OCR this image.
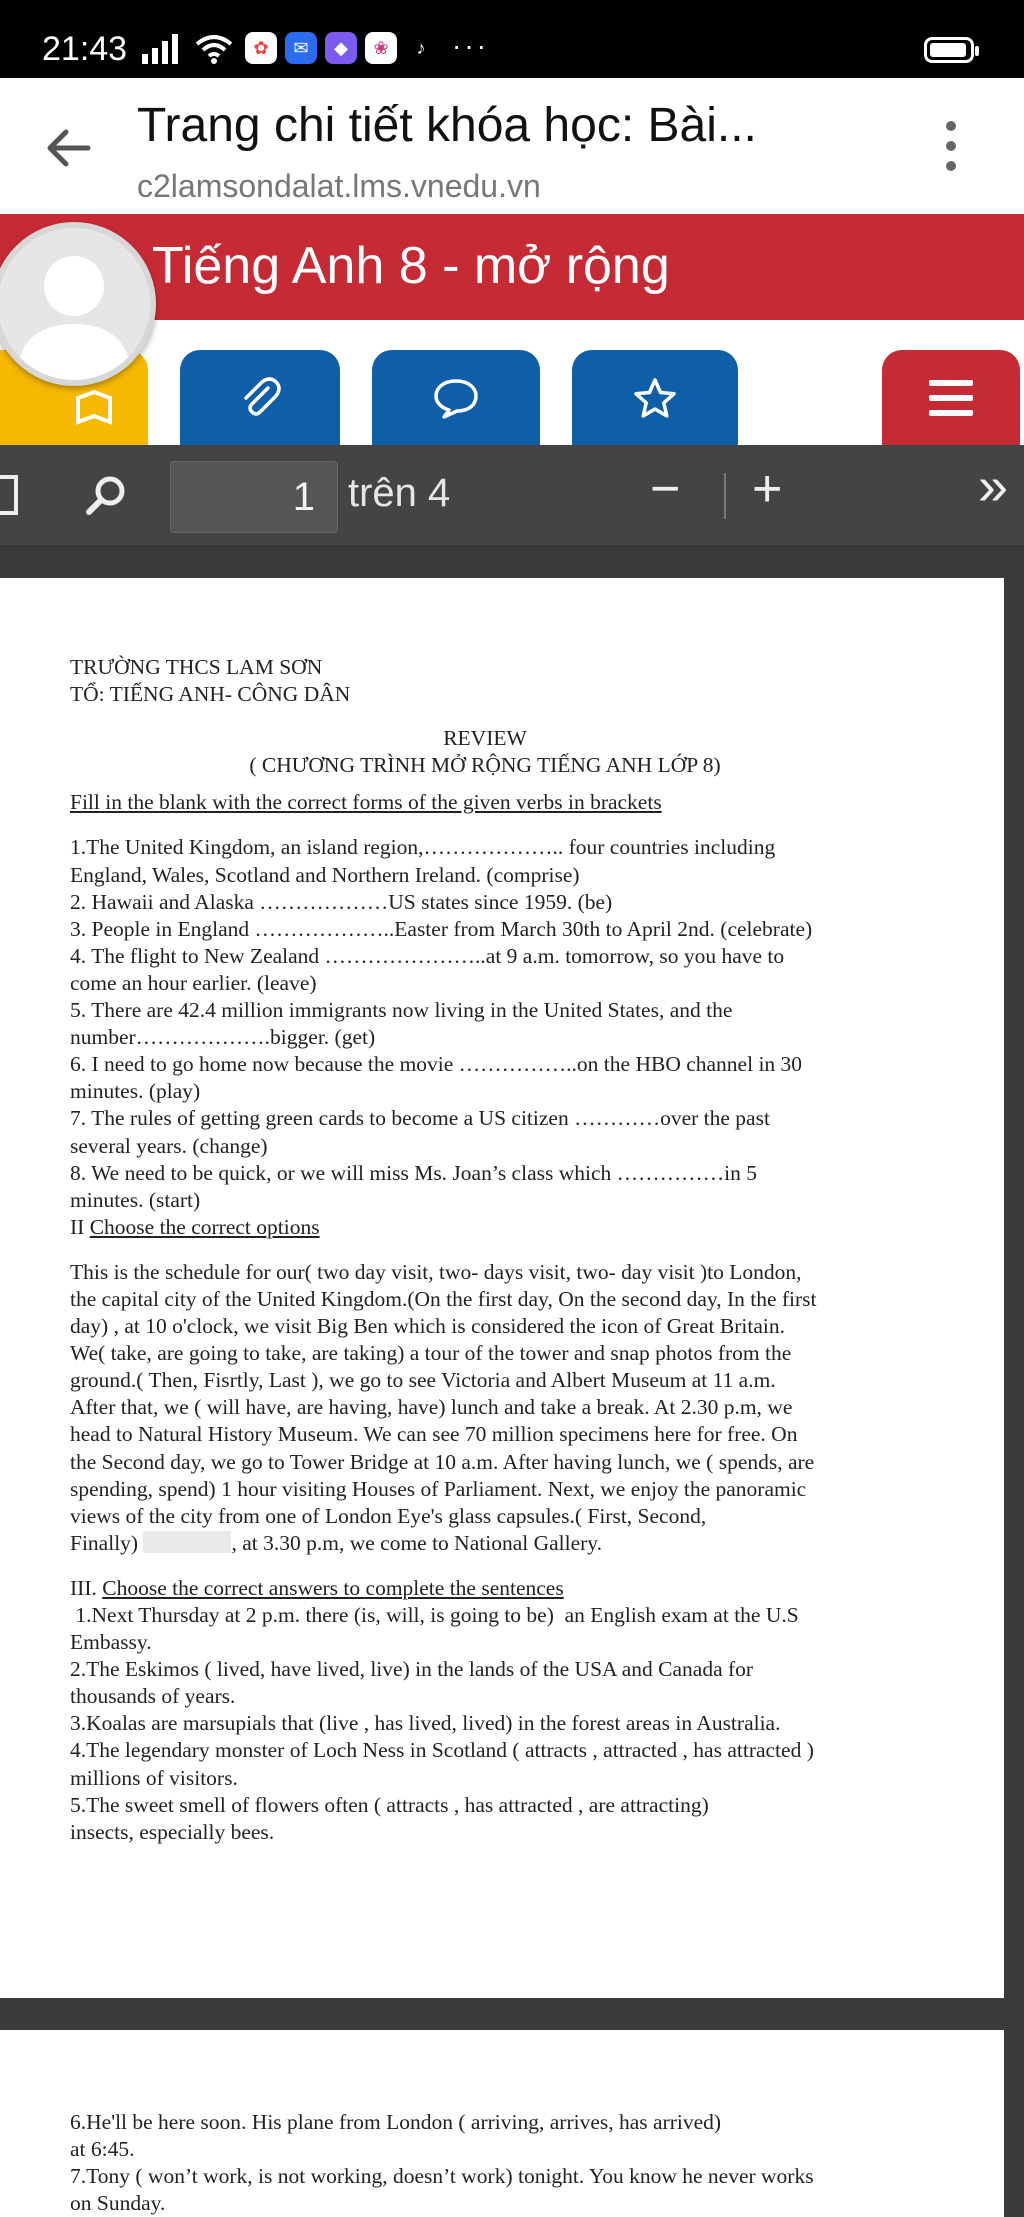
21:43	✿	✉	◆	❀	♪ ···
Trang chi tiết khóa học: Bài...
c2lamsondalat.lms.vnedu.vn
Tiếng Anh 8 - mở rộng
1
trên 4	− +	»
TRƯỜNG THCS LAM SƠN
TỔ: TIẾNG ANH- CÔNG DÂN
REVIEW
( CHƯƠNG TRÌNH MỞ RỘNG TIẾNG ANH LỚP 8)
Fill in the blank with the correct forms of the given verbs in brackets
1.The United Kingdom, an island region,……………….. four countries including
England, Wales, Scotland and Northern Ireland. (comprise)
2. Hawaii and Alaska ………………US states since 1959. (be)
3. People in England ………………..Easter from March 30th to April 2nd. (celebrate)
4. The flight to New Zealand …………………..at 9 a.m. tomorrow, so you have to
come an hour earlier. (leave)
5. There are 42.4 million immigrants now living in the United States, and the
number……………….bigger. (get)
6. I need to go home now because the movie ……………..on the HBO channel in 30
minutes. (play)
7. The rules of getting green cards to become a US citizen …………over the past
several years. (change)
8. We need to be quick, or we will miss Ms. Joan’s class which ……………in 5
minutes. (start)
II Choose the correct options
This is the schedule for our( two day visit, two- days visit, two- day visit )to London,
the capital city of the United Kingdom.(On the first day, On the second day, In the first
day) , at 10 o'clock, we visit Big Ben which is considered the icon of Great Britain.
We( take, are going to take, are taking) a tour of the tower and snap photos from the
ground.( Then, Fisrtly, Last ), we go to see Victoria and Albert Museum at 11 a.m.
After that, we ( will have, are having, have) lunch and take a break. At 2.30 p.m, we
head to Natural History Museum. We can see 70 million specimens here for free. On
the Second day, we go to Tower Bridge at 10 a.m. After having lunch, we ( spends, are
spending, spend) 1 hour visiting Houses of Parliament. Next, we enjoy the panoramic
views of the city from one of London Eye's glass capsules.( First, Second,
Finally)	, at 3.30 p.m, we come to National Gallery.
III. Choose the correct answers to complete the sentences
1.Next Thursday at 2 p.m. there (is, will, is going to be)  an English exam at the U.S
Embassy.
2.The Eskimos ( lived, have lived, live) in the lands of the USA and Canada for
thousands of years.
3.Koalas are marsupials that (live , has lived, lived) in the forest areas in Australia.
4.The legendary monster of Loch Ness in Scotland ( attracts , attracted , has attracted )
millions of visitors.
5.The sweet smell of flowers often ( attracts , has attracted , are attracting)
insects, especially bees.
6.He'll be here soon. His plane from London ( arriving, arrives, has arrived)
at 6:45.
7.Tony ( won’t work, is not working, doesn’t work) tonight. You know he never works
on Sunday.
